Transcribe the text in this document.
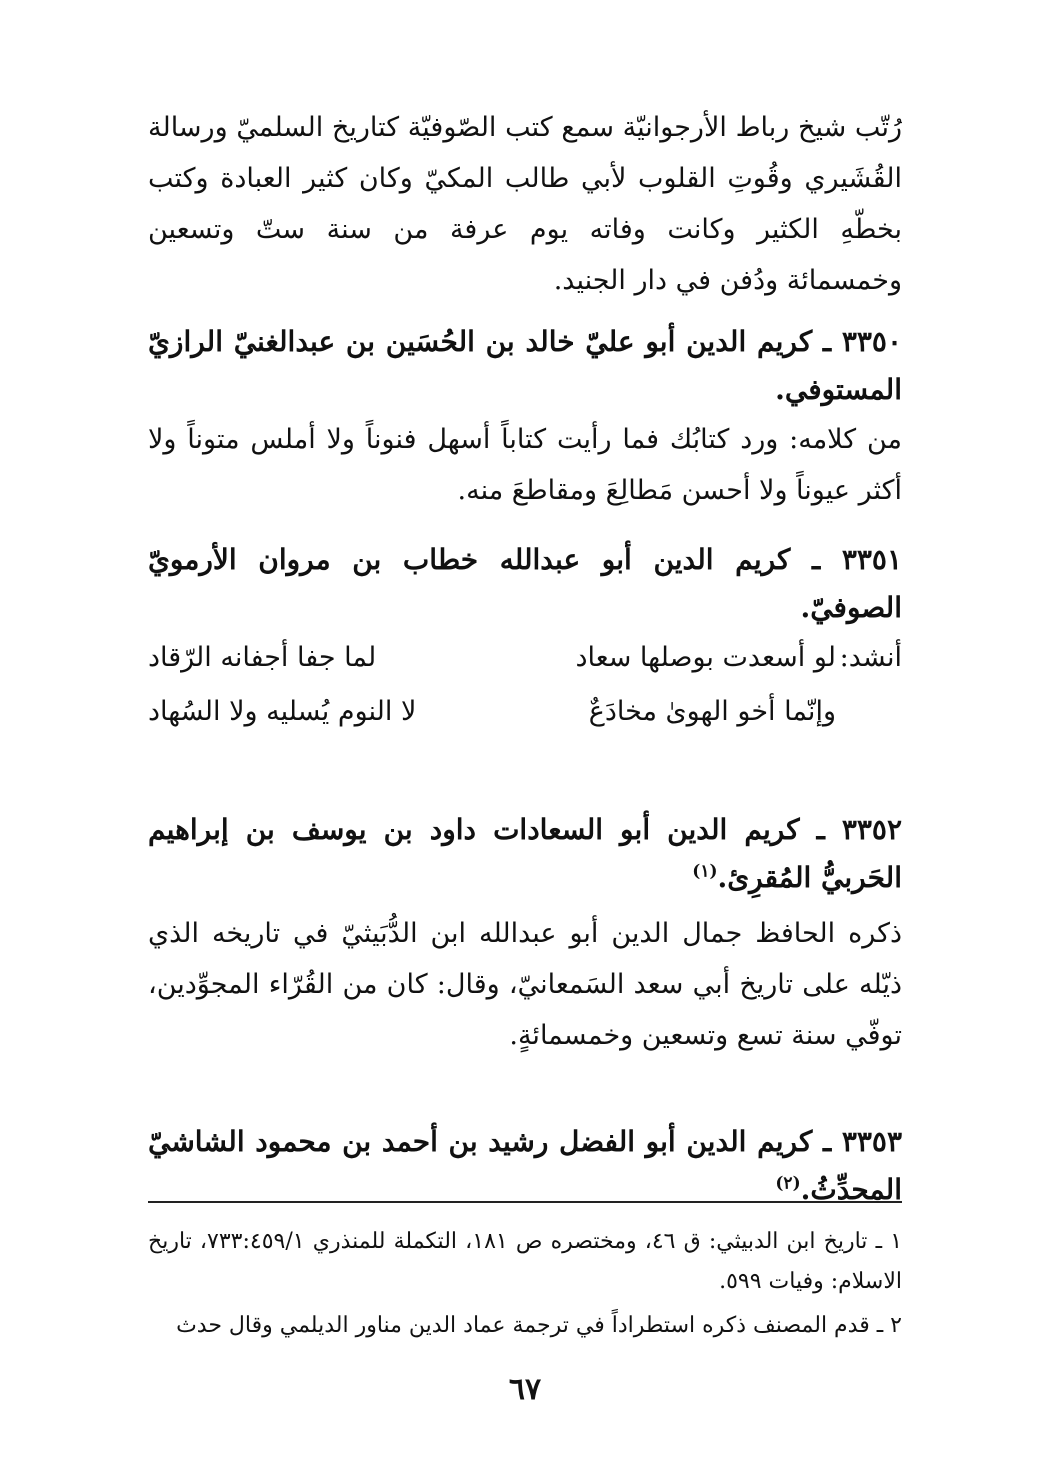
رُتّب شيخ رباط الأرجوانيّة سمع كتب الصّوفيّة كتاريخ السلميّ ورسالة القُشَيري وقُوتِ القلوب لأبي طالب المكيّ وكان كثير العبادة وكتب بخطّهِ الكثير وكانت وفاته يوم عرفة من سنة ستّ وتسعين وخمسمائة ودُفن في دار الجنيد.

٣٣٥٠ ـ كريم الدين أبو عليّ خالد بن الحُسَين بن عبدالغنيّ الرازيّ المستوفي.

من كلامه: ورد كتابُك فما رأيت كتاباً أسهل فنوناً ولا أملس متوناً ولا أكثر عيوناً ولا أحسن مَطالِعَ ومقاطعَ منه.

٣٣٥١ ـ كريم الدين أبو عبدالله خطاب بن مروان الأرمويّ الصوفيّ.

أنشد:

لو أسعدت بوصلها سعاد
لما جفا أجفانه الرّقاد
وإنّما أخو الهوىٰ مخادَعٌ
لا النوم يُسليه ولا السُهاد

٣٣٥٢ ـ كريم الدين أبو السعادات داود بن يوسف بن إبراهيم الحَربيُّ المُقرِئ.$^{(١)}$

ذكره الحافظ جمال الدين أبو عبدالله ابن الدُّبَيثيّ في تاريخه الذي ذيّله على تاريخ أبي سعد السَمعانيّ، وقال: كان من القُرّاء المجوِّدين، توفّي سنة تسع وتسعين وخمسمائةٍ.

٣٣٥٣ ـ كريم الدين أبو الفضل رشيد بن أحمد بن محمود الشاشيّ المحدِّثُ.$^{(٢)}$

١ ـ تاريخ ابن الدبيثي: ق ٤٦، ومختصره ص ١٨١، التكملة للمنذري ٧٣٣:٤٥٩/١، تاريخ الاسلام: وفيات ٥٩٩.

٢ ـ قدم المصنف ذكره استطراداً في ترجمة عماد الدين مناور الديلمي وقال حدث

٦٧
